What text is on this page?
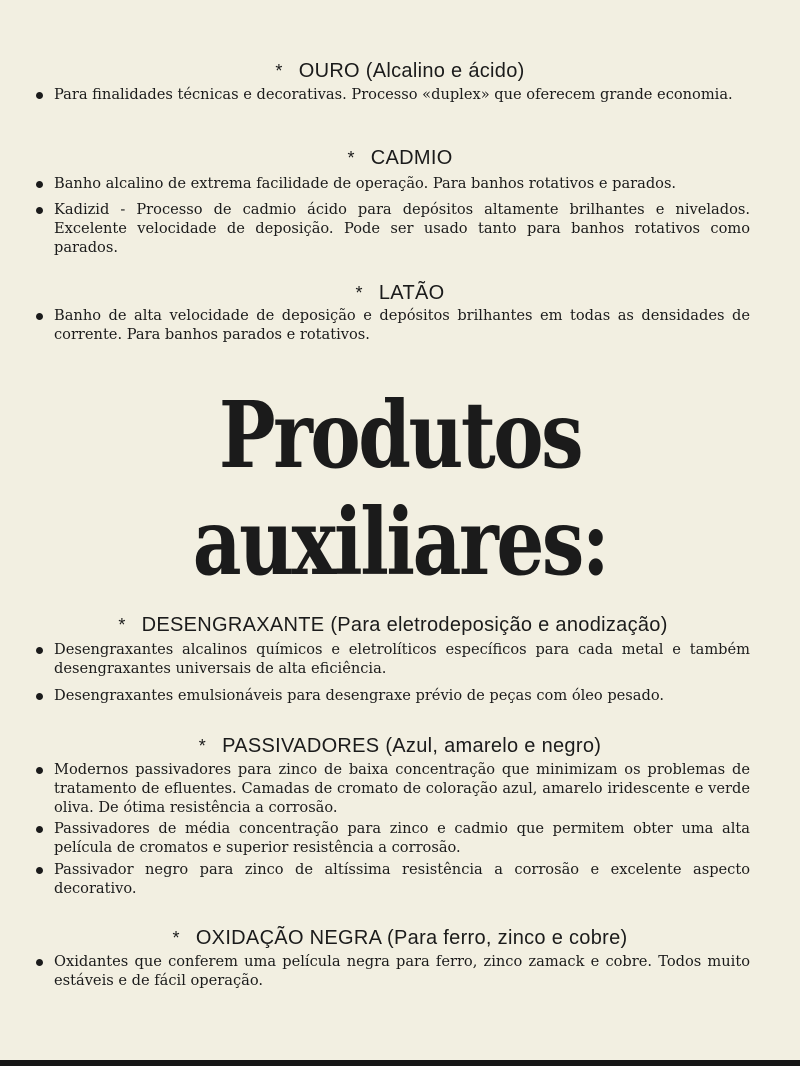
* OURO (Alcalino e ácido)
Para finalidades técnicas e decorativas. Processo «duplex» que oferecem grande economia.
* CADMIO
Banho alcalino de extrema facilidade de operação. Para banhos rotativos e parados.
Kadizid - Processo de cadmio ácido para depósitos altamente brilhantes e nivelados. Excelente velocidade de deposição. Pode ser usado tanto para banhos rotativos como parados.
* LATÃO
Banho de alta velocidade de deposição e depósitos brilhantes em todas as densidades de corrente. Para banhos parados e rotativos.
Produtos
auxiliares:
* DESENGRAXANTE (Para eletrodeposição e anodização)
Desengraxantes alcalinos químicos e eletrolíticos específicos para cada metal e também desengraxantes universais de alta eficiência.
Desengraxantes emulsionáveis para desengraxe prévio de peças com óleo pesado.
* PASSIVADORES (Azul, amarelo e negro)
Modernos passivadores para zinco de baixa concentração que minimizam os problemas de tratamento de efluentes. Camadas de cromato de coloração azul, amarelo iridescente e verde oliva. De ótima resistência a corrosão.
Passivadores de média concentração para zinco e cadmio que permitem obter uma alta película de cromatos e superior resistência a corrosão.
Passivador negro para zinco de altíssima resistência a corrosão e excelente aspecto decorativo.
* OXIDAÇÃO NEGRA (Para ferro, zinco e cobre)
Oxidantes que conferem uma película negra para ferro, zinco zamack e cobre. Todos muito estáveis e de fácil operação.
